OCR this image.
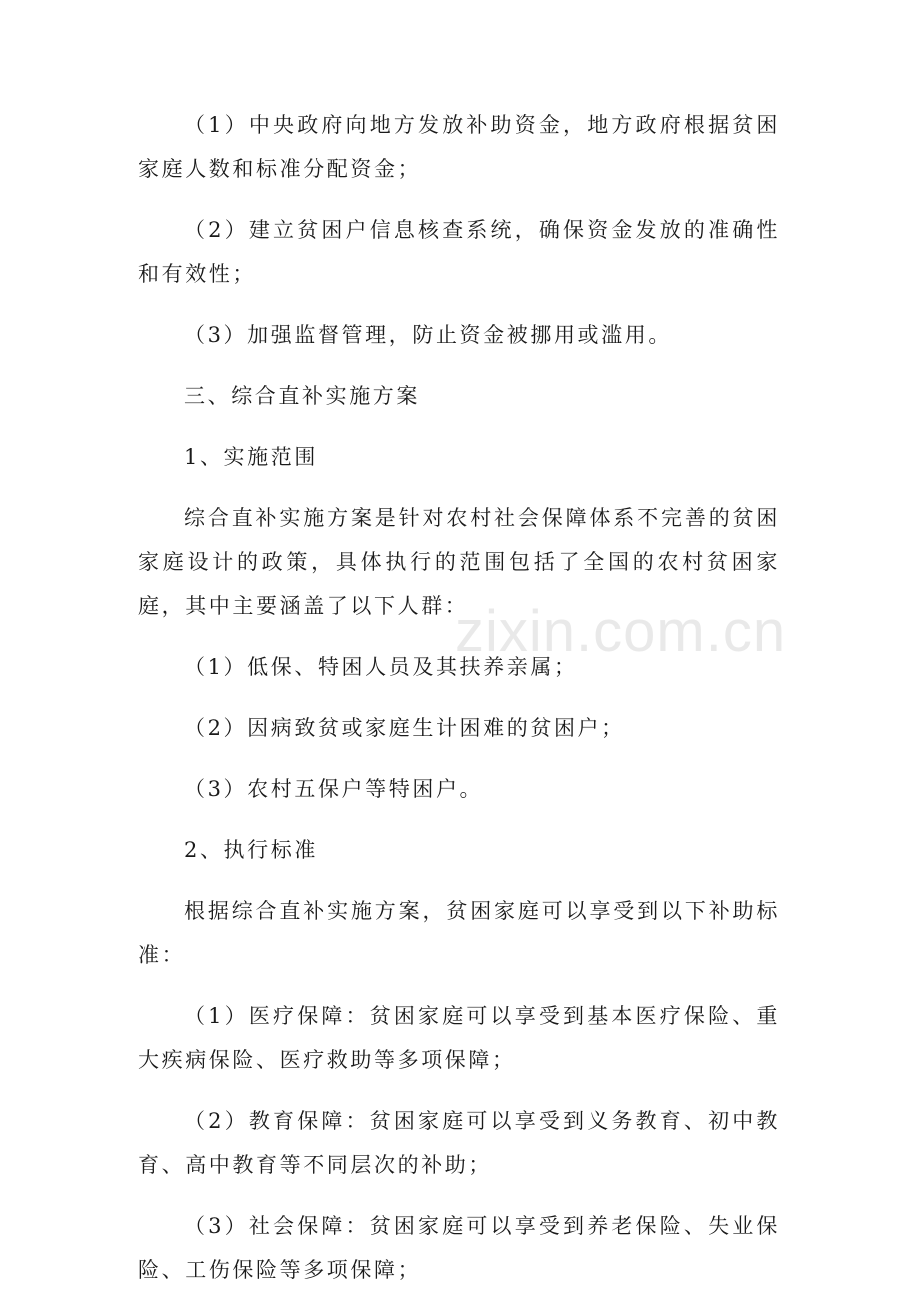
zixin.com.cn

（1）中央政府向地方发放补助资金，地方政府根据贫困家庭人数和标准分配资金；

（2）建立贫困户信息核查系统，确保资金发放的准确性和有效性；

（3）加强监督管理，防止资金被挪用或滥用。

三、综合直补实施方案

1、实施范围

综合直补实施方案是针对农村社会保障体系不完善的贫困家庭设计的政策，具体执行的范围包括了全国的农村贫困家庭，其中主要涵盖了以下人群：

（1）低保、特困人员及其扶养亲属；

（2）因病致贫或家庭生计困难的贫困户；

（3）农村五保户等特困户。

2、执行标准

根据综合直补实施方案，贫困家庭可以享受到以下补助标准：

（1）医疗保障：贫困家庭可以享受到基本医疗保险、重大疾病保险、医疗救助等多项保障；

（2）教育保障：贫困家庭可以享受到义务教育、初中教育、高中教育等不同层次的补助；

（3）社会保障：贫困家庭可以享受到养老保险、失业保险、工伤保险等多项保障；
